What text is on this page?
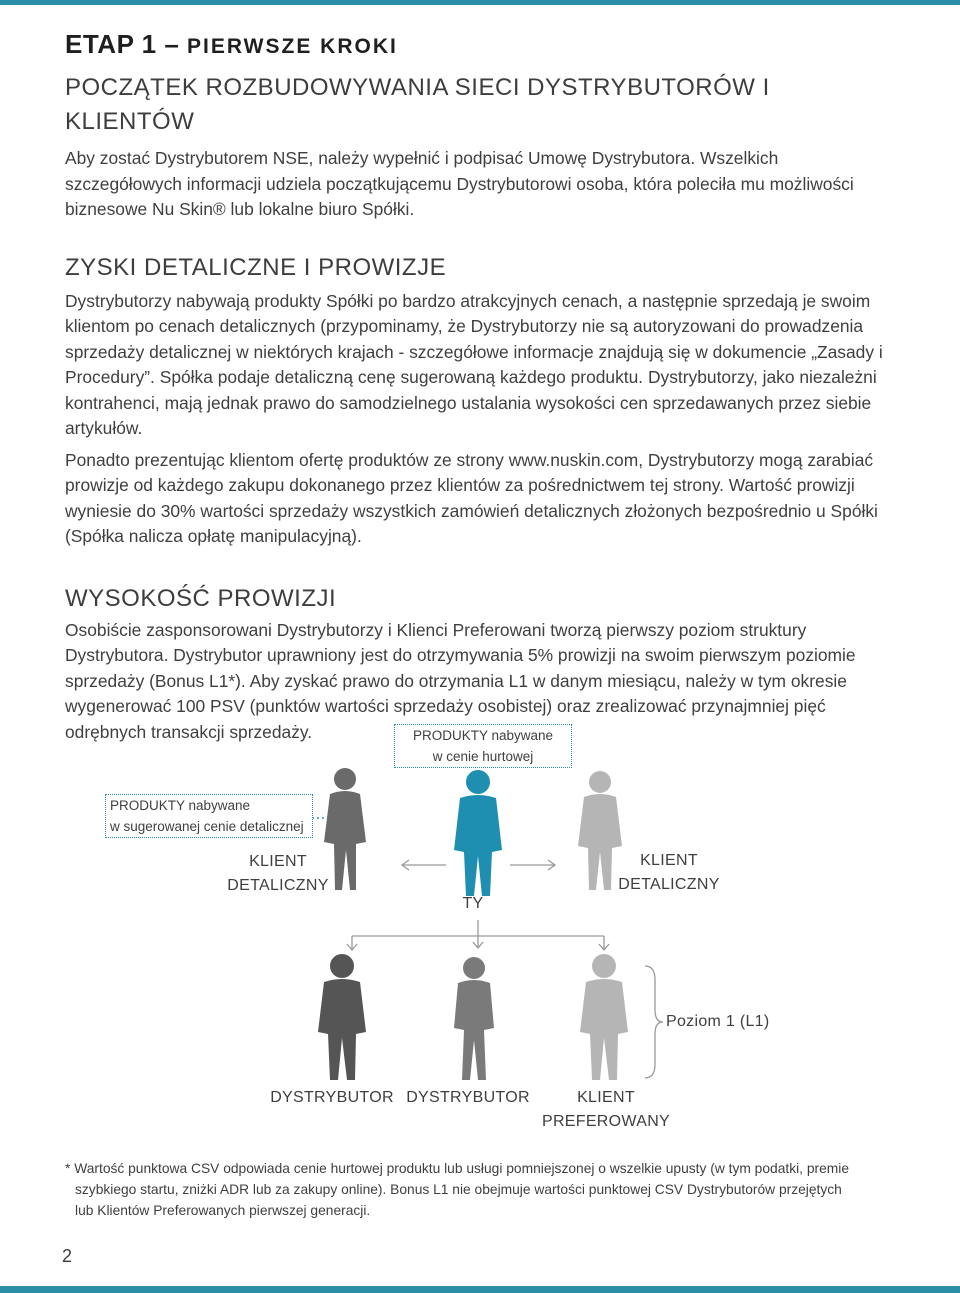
ETAP 1 – PIERWSZE KROKI
POCZĄTEK ROZBUDOWYWANIA SIECI DYSTRYBUTORÓW I KLIENTÓW

Aby zostać Dystrybutorem NSE, należy wypełnić i podpisać Umowę Dystrybutora. Wszelkich szczegółowych informacji udziela początkującemu Dystrybutorowi osoba, która poleciła mu możliwości biznesowe Nu Skin® lub lokalne biuro Spółki.

ZYSKI DETALICZNE I PROWIZJE

Dystrybutorzy nabywają produkty Spółki po bardzo atrakcyjnych cenach, a następnie sprzedają je swoim klientom po cenach detalicznych (przypominamy, że Dystrybutorzy nie są autoryzowani do prowadzenia sprzedaży detalicznej w niektórych krajach - szczegółowe informacje znajdują się w dokumencie „Zasady i Procedury”. Spółka podaje detaliczną cenę sugerowaną każdego produktu. Dystrybutorzy, jako niezależni kontrahenci, mają jednak prawo do samodzielnego ustalania wysokości cen sprzedawanych przez siebie artykułów.

Ponadto prezentując klientom ofertę produktów ze strony www.nuskin.com, Dystrybutorzy mogą zarabiać prowizje od każdego zakupu dokonanego przez klientów za pośrednictwem tej strony. Wartość prowizji wyniesie do 30% wartości sprzedaży wszystkich zamówień detalicznych złożonych bezpośrednio u Spółki (Spółka nalicza opłatę manipulacyjną).

WYSOKOŚĆ PROWIZJI

Osobiście zasponsorowani Dystrybutorzy i Klienci Preferowani tworzą pierwszy poziom struktury Dystrybutora. Dystrybutor uprawniony jest do otrzymywania 5% prowizji na swoim pierwszym poziomie sprzedaży (Bonus L1*). Aby zyskać prawo do otrzymania L1 w danym miesiącu, należy w tym okresie wygenerować 100 PSV (punktów wartości sprzedaży osobistej) oraz zrealizować przynajmniej pięć odrębnych transakcji sprzedaży.	PRODUKTY nabywane
w cenie hurtowej
PRODUKTY nabywane
w sugerowanej cenie detalicznej
KLIENT
DETALICZNY
KLIENT
DETALICZNY
TY
Poziom 1 (L1)
DYSTRYBUTOR DYSTRYBUTOR	KLIENT
PREFEROWANY
* Wartość punktowa CSV odpowiada cenie hurtowej produktu lub usługi pomniejszonej o wszelkie upusty (w tym podatki, premie
szybkiego startu, zniżki ADR lub za zakupy online). Bonus L1 nie obejmuje wartości punktowej CSV Dystrybutorów przejętych
lub Klientów Preferowanych pierwszej generacji.
2
